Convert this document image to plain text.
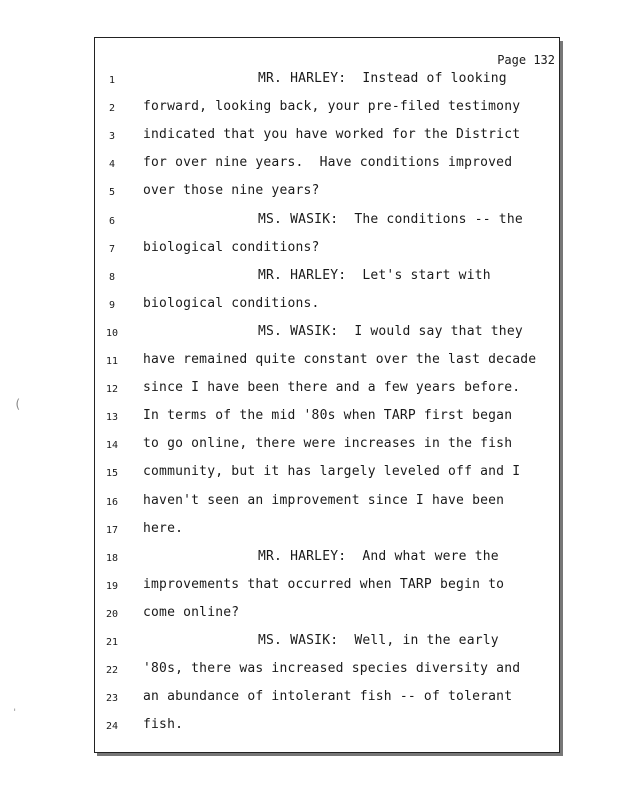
Page 132
1	MR. HARLEY:  Instead of looking
2	forward, looking back, your pre-filed testimony
3	indicated that you have worked for the District
4	for over nine years.  Have conditions improved
5	over those nine years?
6	MS. WASIK:  The conditions -- the
7	biological conditions?
8	MR. HARLEY:  Let's start with
9	biological conditions.
10	MS. WASIK:  I would say that they
11	have remained quite constant over the last decade
12	since I have been there and a few years before.
13	In terms of the mid '80s when TARP first began
14	to go online, there were increases in the fish
15	community, but it has largely leveled off and I
16	haven't seen an improvement since I have been
17	here.
18	MR. HARLEY:  And what were the
19	improvements that occurred when TARP begin to
20	come online?
21	MS. WASIK:  Well, in the early
22	'80s, there was increased species diversity and
23	an abundance of intolerant fish -- of tolerant
24	fish.
(
'
